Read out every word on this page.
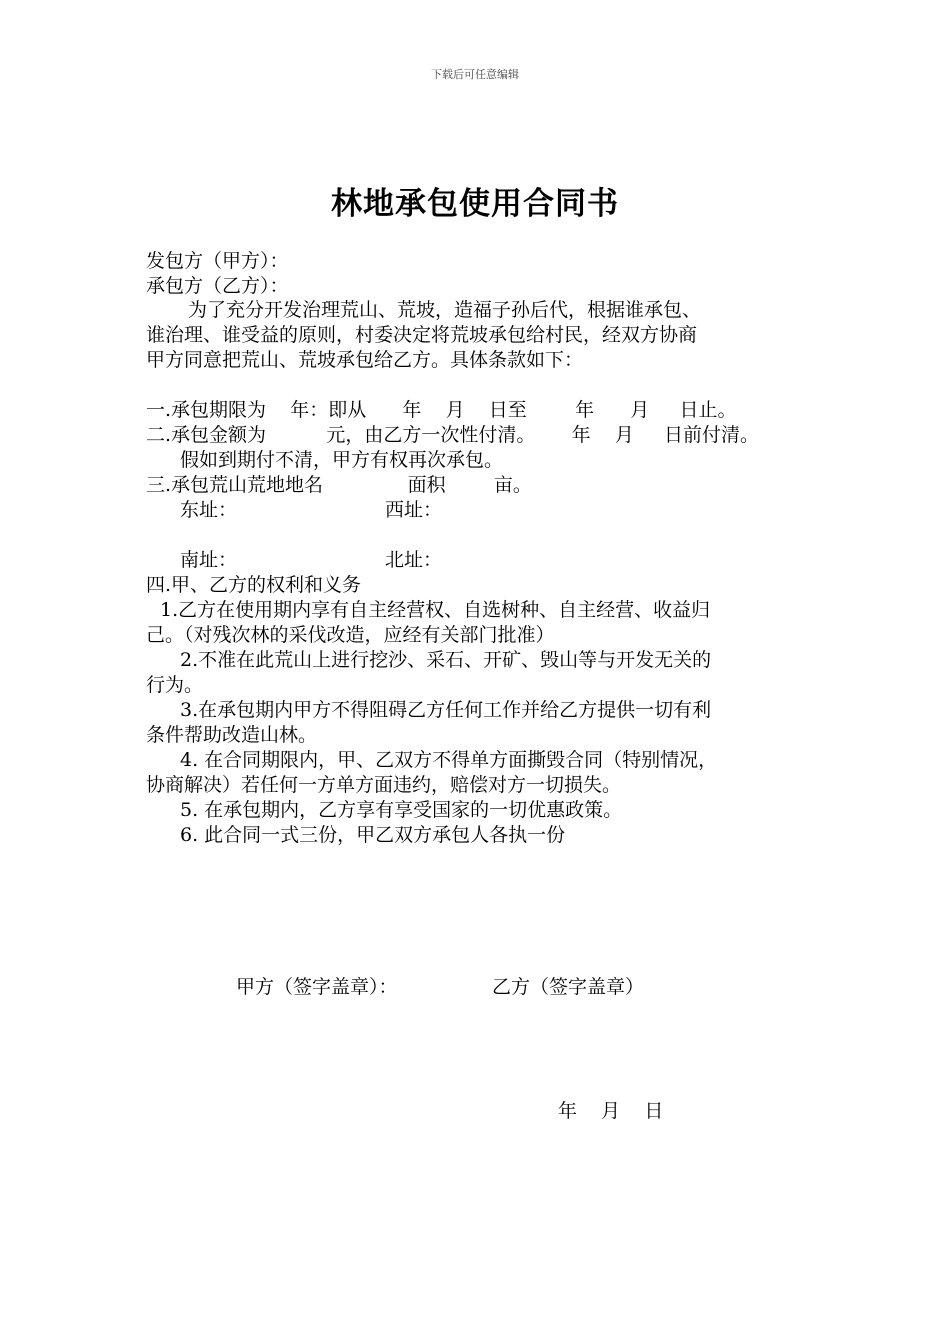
下载后可任意编辑
林地承包使用合同书
发包方（甲方）：
承包方（乙方）：
为了充分开发治理荒山、荒坡，造福子孙后代，根据谁承包、
谁治理、谁受益的原则，村委决定将荒坡承包给村民，经双方协商
甲方同意把荒山、荒坡承包给乙方。具体条款如下：
一.承包期限为    年：即从      年    月    日至        年      月     日止。
二.承包金额为          元，由乙方一次性付清。      年    月     日前付清。
假如到期付不清，甲方有权再次承包。
三.承包荒山荒地地名              面积        亩。
东址：	西址：
南址：	北址：
四.甲、乙方的权利和义务
1.乙方在使用期内享有自主经营权、自选树种、自主经营、收益归
己。（对残次林的采伐改造，应经有关部门批准）
2.不准在此荒山上进行挖沙、采石、开矿、毁山等与开发无关的
行为。
3.在承包期内甲方不得阻碍乙方任何工作并给乙方提供一切有利
条件帮助改造山林。
4. 在合同期限内，甲、乙双方不得单方面撕毁合同（特别情况，
协商解决）若任何一方单方面违约，赔偿对方一切损失。
5. 在承包期内，乙方享有享受国家的一切优惠政策。
6. 此合同一式三份，甲乙双方承包人各执一份
甲方（签字盖章）：	乙方（签字盖章）
年    月    日
